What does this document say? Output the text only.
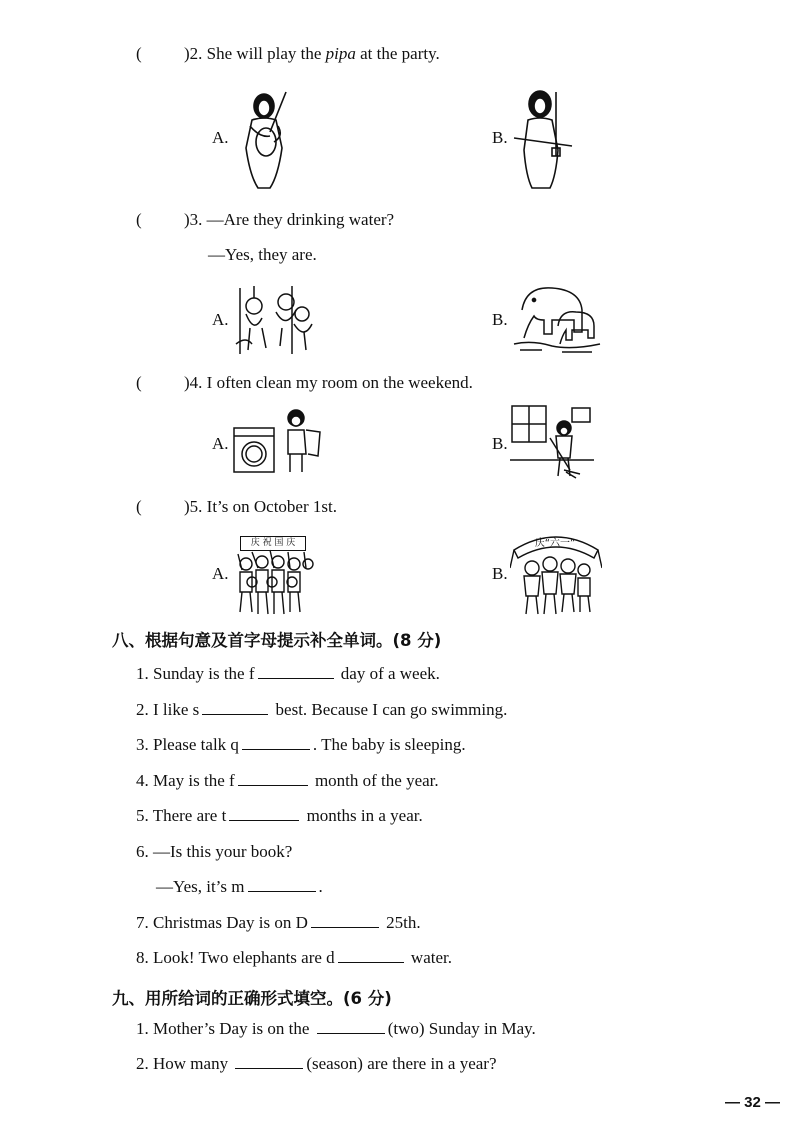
( )2. She will play the pipa at the party.
A.	B.
( )3. —Are they drinking water?
—Yes, they are.
A.	B.
( )4. I often clean my room on the weekend.
A.	B.
( )5. It’s on October 1st.
A.
庆 祝 国 庆
B.
庆“六一”
八、根据句意及首字母提示补全单词。(8 分)
1. Sunday is the f	day of a week.
2. I like s	best. Because I can go swimming.
3. Please talk q	. The baby is sleeping.
4. May is the f	month of the year.
5. There are t	months in a year.
6. —Is this your book?
—Yes, it’s m	.
7. Christmas Day is on D	25th.
8. Look! Two elephants are d	water.
九、用所给词的正确形式填空。(6 分)
1. Mother’s Day is on the	(two) Sunday in May.
2. How many	(season) are there in a year?
— 32 —
